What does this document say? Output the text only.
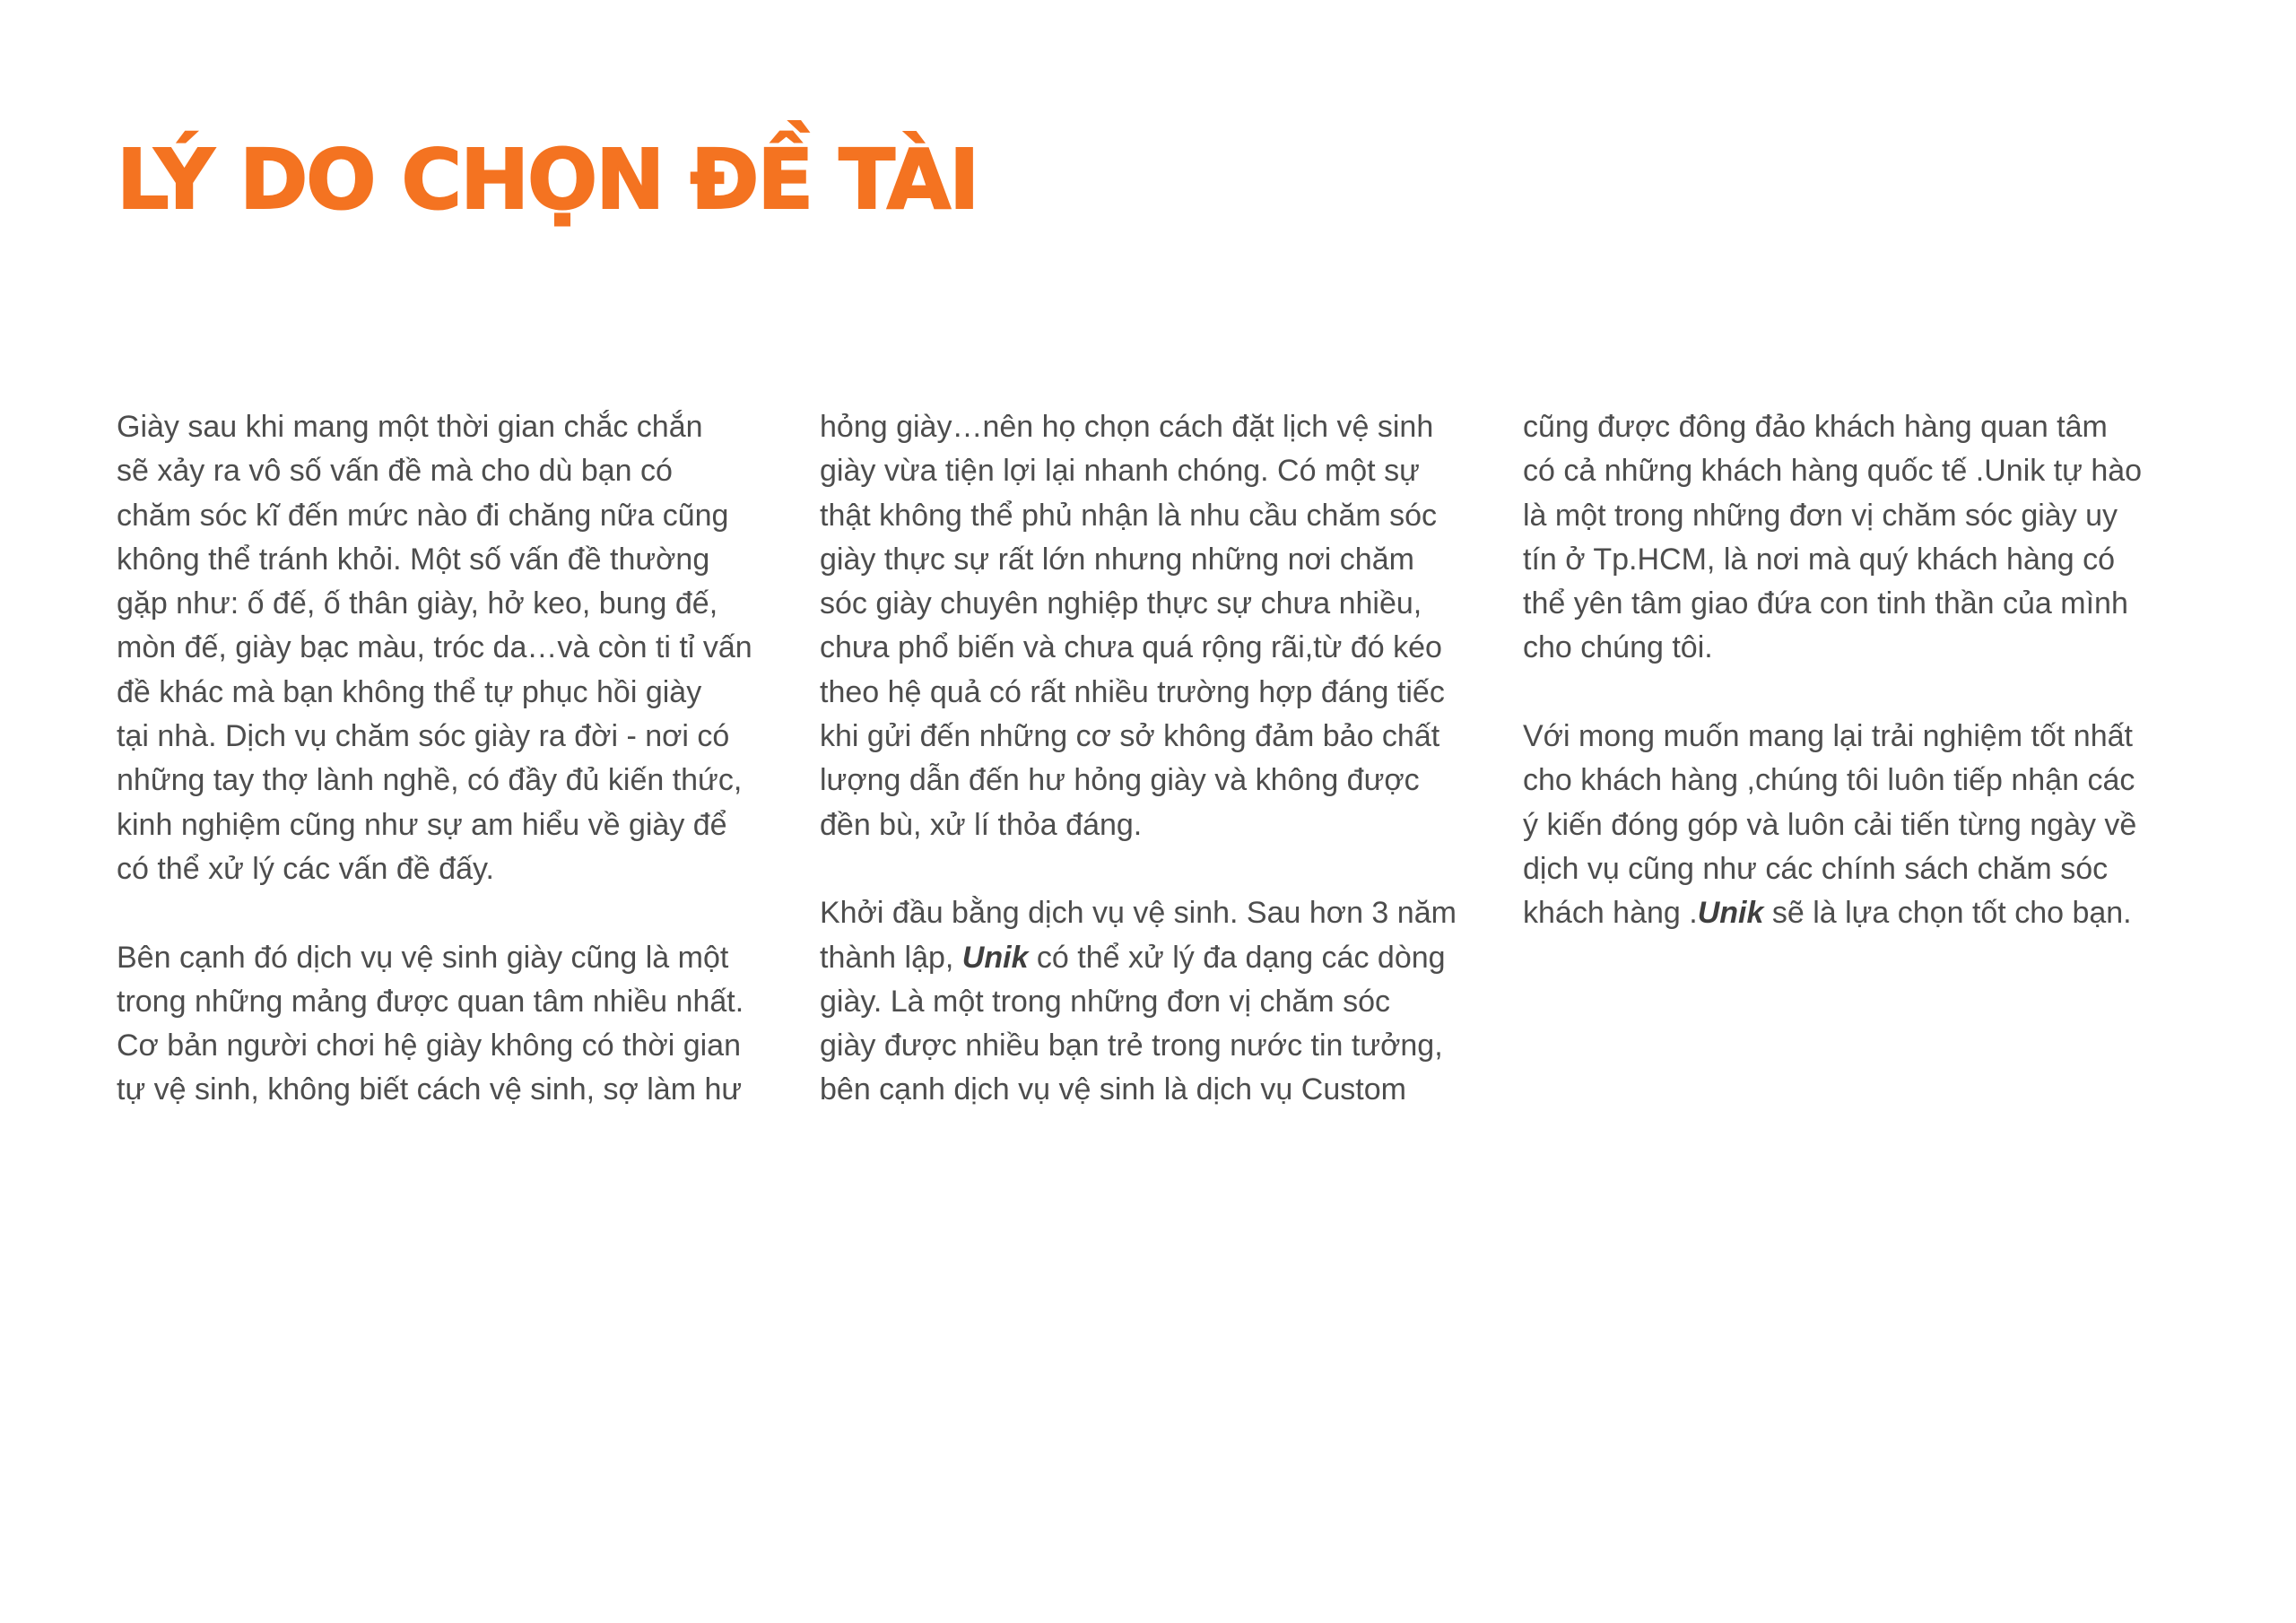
LÝ DO CHỌN ĐỀ TÀI

Giày sau khi mang một thời gian chắc chắn
sẽ xảy ra vô số vấn đề mà cho dù bạn có
chăm sóc kĩ đến mức nào đi chăng nữa cũng
không thể tránh khỏi. Một số vấn đề thường
gặp như: ố đế, ố thân giày, hở keo, bung đế,
mòn đế, giày bạc màu, tróc da…và còn ti tỉ vấn
đề khác mà bạn không thể tự phục hồi giày
tại nhà. Dịch vụ chăm sóc giày ra đời - nơi có
những tay thợ lành nghề, có đầy đủ kiến thức,
kinh nghiệm cũng như sự am hiểu về giày để
có thể xử lý các vấn đề đấy.

Bên cạnh đó dịch vụ vệ sinh giày cũng là một
trong những mảng được quan tâm nhiều nhất.
Cơ bản người chơi hệ giày không có thời gian
tự vệ sinh, không biết cách vệ sinh, sợ làm hư

hỏng giày…nên họ chọn cách đặt lịch vệ sinh
giày vừa tiện lợi lại nhanh chóng. Có một sự
thật không thể phủ nhận là nhu cầu chăm sóc
giày thực sự rất lớn nhưng những nơi chăm
sóc giày chuyên nghiệp thực sự chưa nhiều,
chưa phổ biến và chưa quá rộng rãi,từ đó kéo
theo hệ quả có rất nhiều trường hợp đáng tiếc
khi gửi đến những cơ sở không đảm bảo chất
lượng dẫn đến hư hỏng giày và không được
đền bù, xử lí thỏa đáng.

Khởi đầu bằng dịch vụ vệ sinh. Sau hơn 3 năm
thành lập, Unik có thể xử lý đa dạng các dòng
giày. Là một trong những đơn vị chăm sóc
giày được nhiều bạn trẻ trong nước tin tưởng,
bên cạnh dịch vụ vệ sinh là dịch vụ Custom

cũng được đông đảo khách hàng quan tâm
có cả những khách hàng quốc tế .Unik tự hào
là một trong những đơn vị chăm sóc giày uy
tín ở Tp.HCM, là nơi mà quý khách hàng có
thể yên tâm giao đứa con tinh thần của mình
cho chúng tôi.

Với mong muốn mang lại trải nghiệm tốt nhất
cho khách hàng ,chúng tôi luôn tiếp nhận các
ý kiến đóng góp và luôn cải tiến từng ngày về
dịch vụ cũng như các chính sách chăm sóc
khách hàng .Unik sẽ là lựa chọn tốt cho bạn.
